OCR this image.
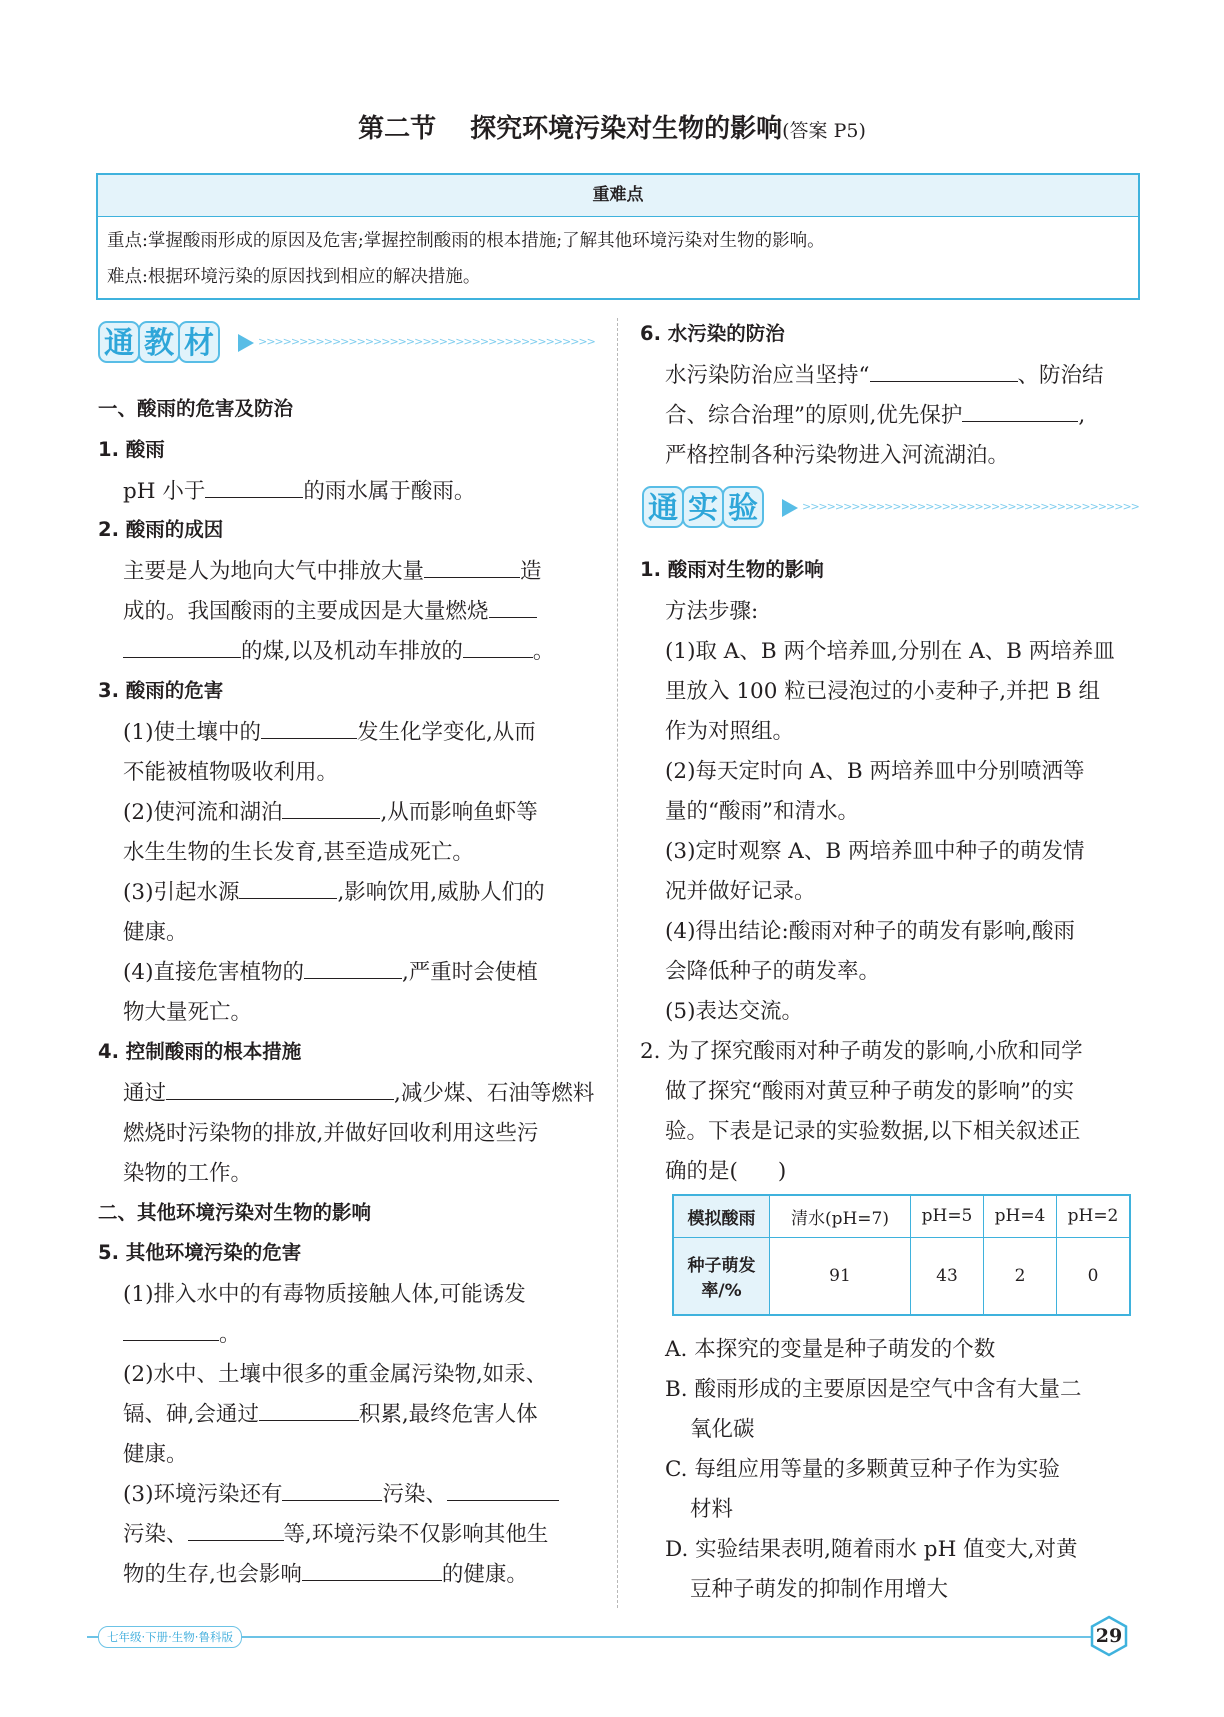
第二节 探究环境污染对生物的影响(答案 P5)
重难点
重点:掌握酸雨形成的原因及危害;掌握控制酸雨的根本措施;了解其他环境污染对生物的影响。
难点:根据环境污染的原因找到相应的解决措施。
通 教 材	>>>>>>>>>>>>>>>>>>>>>>>>>>>>>>>>>>>>>>>>>
一、酸雨的危害及防治
1. 酸雨
pH 小于	的雨水属于酸雨。
2. 酸雨的成因
主要是人为地向大气中排放大量	造
成的。我国酸雨的主要成因是大量燃烧
的煤,以及机动车排放的	。
3. 酸雨的危害
(1)使土壤中的	发生化学变化,从而
不能被植物吸收利用。
(2)使河流和湖泊	,从而影响鱼虾等
水生生物的生长发育,甚至造成死亡。
(3)引起水源	,影响饮用,威胁人们的
健康。
(4)直接危害植物的	,严重时会使植
物大量死亡。
4. 控制酸雨的根本措施
通过	,减少煤、石油等燃料
燃烧时污染物的排放,并做好回收利用这些污
染物的工作。
二、其他环境污染对生物的影响
5. 其他环境污染的危害
(1)排入水中的有毒物质接触人体,可能诱发
。
(2)水中、土壤中很多的重金属污染物,如汞、
镉、砷,会通过	积累,最终危害人体
健康。
(3)环境污染还有	污染、
污染、	等,环境污染不仅影响其他生
物的生存,也会影响	的健康。
6. 水污染的防治
水污染防治应当坚持“	、防治结
合、综合治理”的原则,优先保护	,
严格控制各种污染物进入河流湖泊。
通 实 验	>>>>>>>>>>>>>>>>>>>>>>>>>>>>>>>>>>>>>>>>>
1. 酸雨对生物的影响
方法步骤:
(1)取 A、B 两个培养皿,分别在 A、B 两培养皿
里放入 100 粒已浸泡过的小麦种子,并把 B 组
作为对照组。
(2)每天定时向 A、B 两培养皿中分别喷洒等
量的“酸雨”和清水。
(3)定时观察 A、B 两培养皿中种子的萌发情
况并做好记录。
(4)得出结论:酸雨对种子的萌发有影响,酸雨
会降低种子的萌发率。
(5)表达交流。
2. 为了探究酸雨对种子萌发的影响,小欣和同学
做了探究“酸雨对黄豆种子萌发的影响”的实
验。下表是记录的实验数据,以下相关叙述正
确的是( )
模拟酸雨	清水(pH=7)	pH=5	pH=4	pH=2
种子萌发
率/%	91	43	2	0
A. 本探究的变量是种子萌发的个数
B. 酸雨形成的主要原因是空气中含有大量二
氧化碳
C. 每组应用等量的多颗黄豆种子作为实验
材料
D. 实验结果表明,随着雨水 pH 值变大,对黄
豆种子萌发的抑制作用增大
七年级·下册·生物·鲁科版	29
